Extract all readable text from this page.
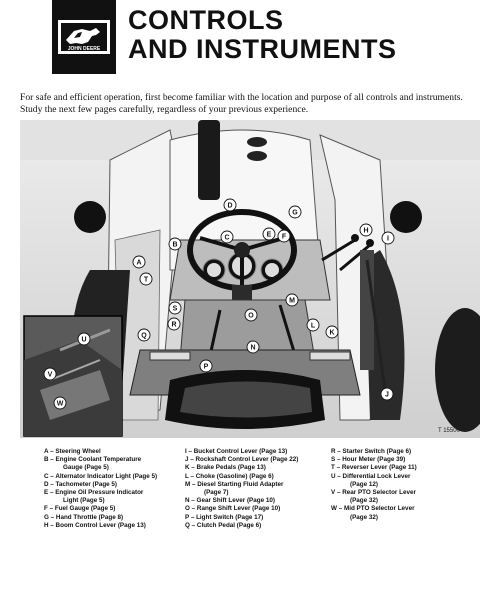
JOHN DEERE
CONTROLS
AND INSTRUMENTS
For safe and efficient operation, first become familiar with the location and purpose of all controls and instruments. Study the next few pages carefully, regardless of your previous experience.
A
B
C
D
E F
G
H
I
J
K
L
M
N
O
P
Q
R
S
T
U
V
W
T 15500
A – Steering Wheel
B – Engine Coolant Temperature
Gauge (Page 5)
C – Alternator Indicator Light (Page 5)
D – Tachometer (Page 5)
E – Engine Oil Pressure Indicator
Light (Page 5)
F – Fuel Gauge (Page 5)
G – Hand Throttle (Page 8)
H – Boom Control Lever (Page 13)
I – Bucket Control Lever (Page 13)
J – Rockshaft Control Lever (Page 22)
K – Brake Pedals (Page 13)
L – Choke (Gasoline) (Page 6)
M – Diesel Starting Fluid Adapter
(Page 7)
N – Gear Shift Lever (Page 10)
O – Range Shift Lever (Page 10)
P – Light Switch (Page 17)
Q – Clutch Pedal (Page 6)
R – Starter Switch (Page 6)
S – Hour Meter (Page 39)
T – Reverser Lever (Page 11)
U – Differential Lock Lever
(Page 12)
V – Rear PTO Selector Lever
(Page 32)
W – Mid PTO Selector Lever
(Page 32)
